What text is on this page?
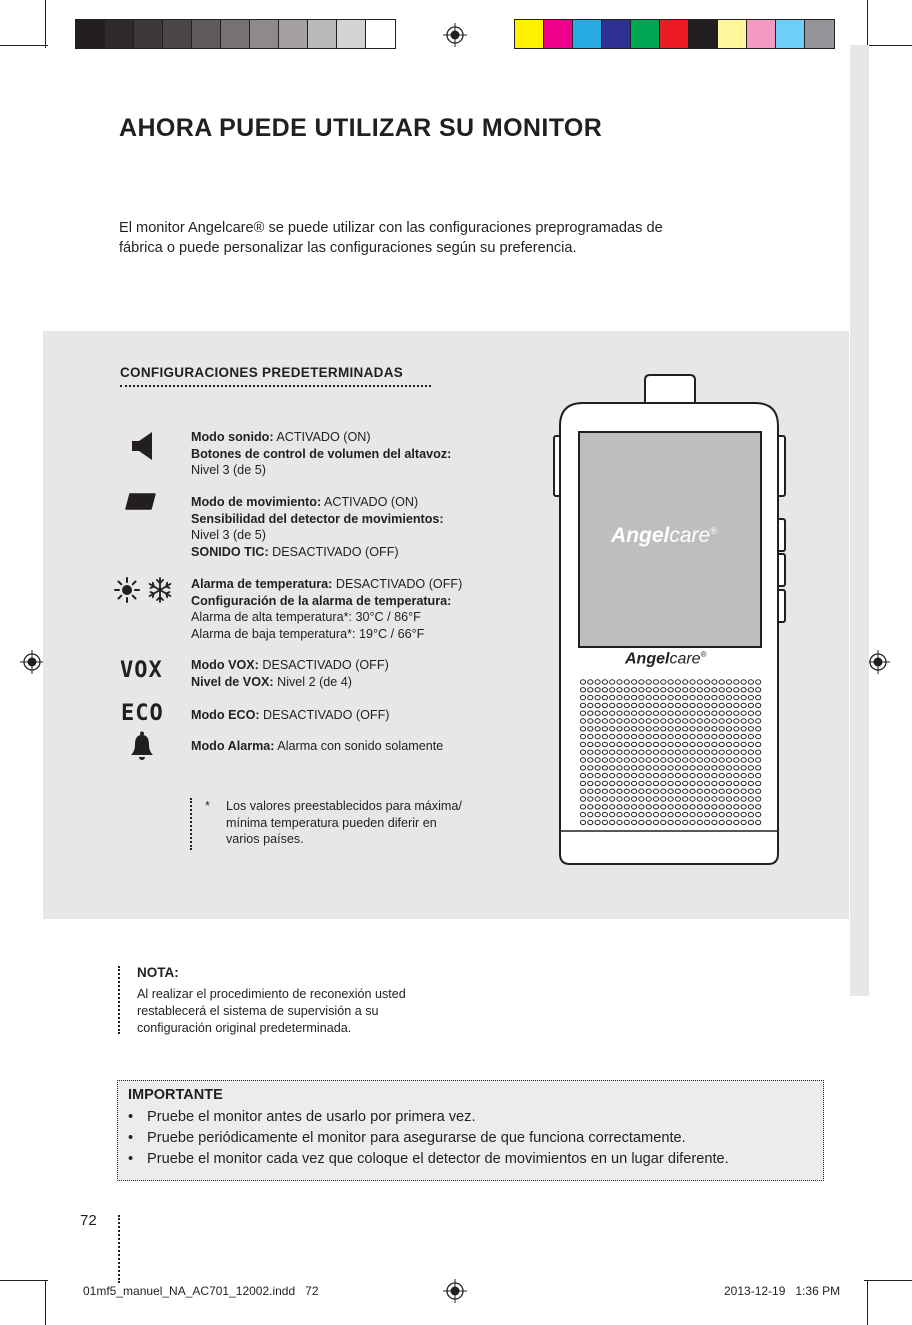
AHORA PUEDE UTILIZAR SU MONITOR
El monitor Angelcare® se puede utilizar con las configuraciones preprogramadas de
fábrica o puede personalizar las configuraciones según su preferencia.
CONFIGURACIONES PREDETERMINADAS
Modo sonido: ACTIVADO (ON)
Botones de control de volumen del altavoz:
Nivel 3 (de 5)
Modo de movimiento: ACTIVADO (ON)
Sensibilidad del detector de movimientos:
Nivel 3 (de 5)
SONIDO TIC: DESACTIVADO (OFF)
Alarma de temperatura: DESACTIVADO (OFF)
Configuración de la alarma de temperatura:
Alarma de alta temperatura*: 30°C / 86°F
Alarma de baja temperatura*: 19°C / 66°F
VOX Modo VOX: DESACTIVADO (OFF)
Nivel de VOX: Nivel 2 (de 4)
ECO Modo ECO: DESACTIVADO (OFF)
Modo Alarma: Alarma con sonido solamente
*	Los valores preestablecidos para máxima/
mínima temperatura pueden diferir en
varios países.
Angelcare®
Angelcare®
NOTA:
Al realizar el procedimiento de reconexión usted
restablecerá el sistema de supervisión a su
configuración original predeterminada.
IMPORTANTE
• Pruebe el monitor antes de usarlo por primera vez.
• Pruebe periódicamente el monitor para asegurarse de que funciona correctamente.
• Pruebe el monitor cada vez que coloque el detector de movimientos en un lugar diferente.
72
01mf5_manuel_NA_AC701_12002.indd   72	2013-12-19   1:36 PM
